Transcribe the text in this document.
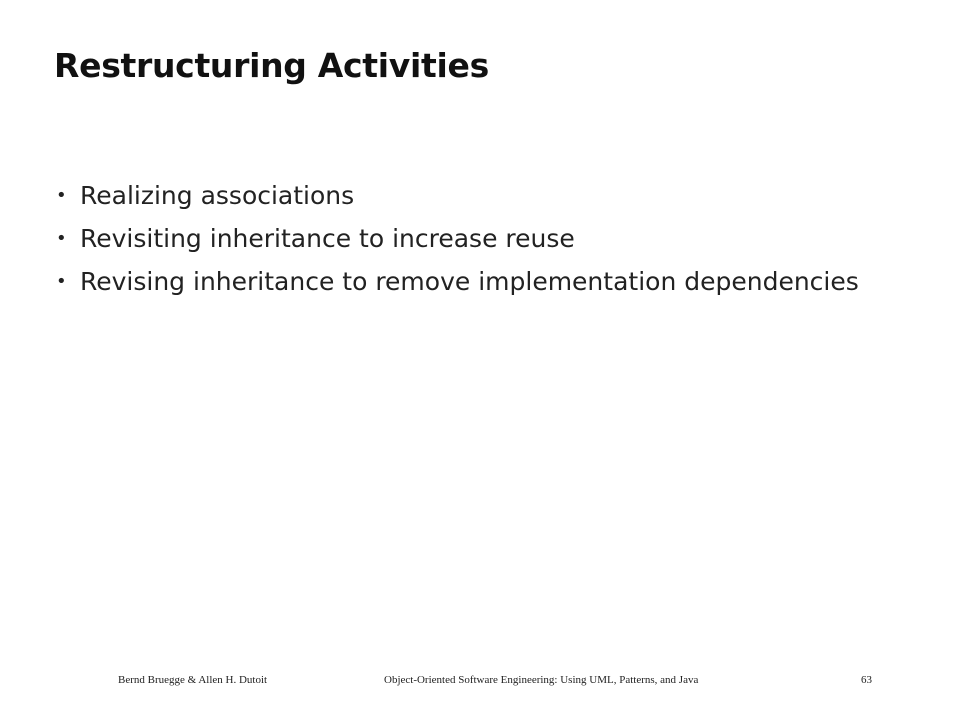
Restructuring Activities
• Realizing associations
• Revisiting inheritance to increase reuse
• Revising inheritance to remove implementation dependencies
Bernd Bruegge & Allen H. Dutoit	Object-Oriented Software Engineering: Using UML, Patterns, and Java	63
